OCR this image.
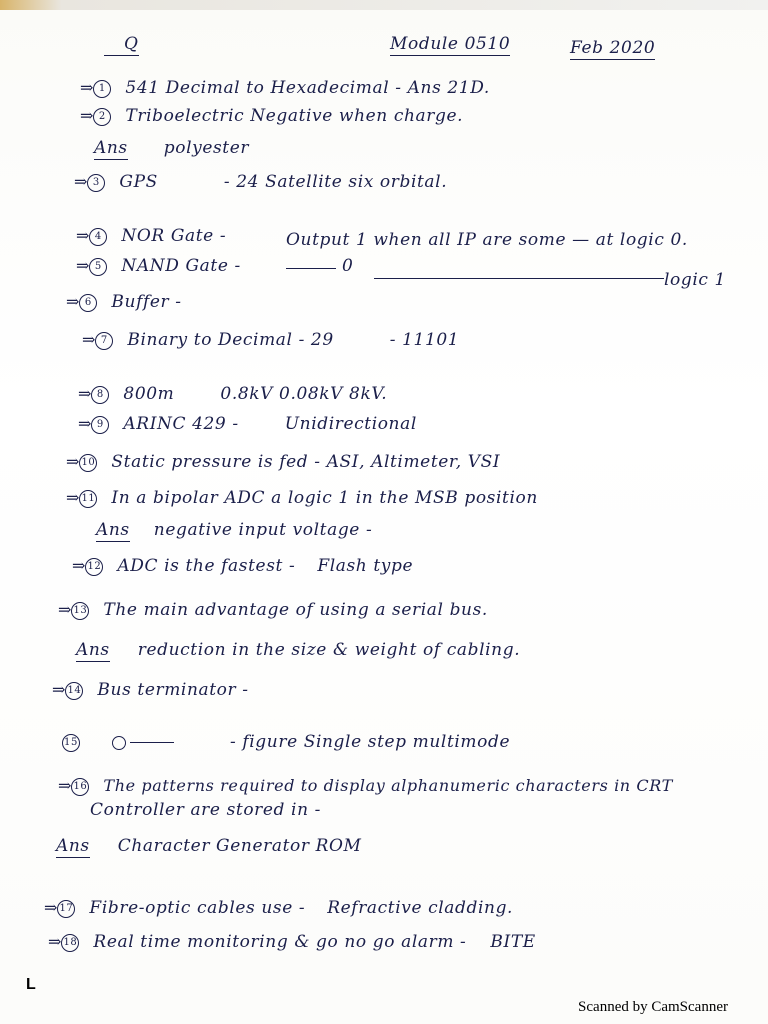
Q	Module 0510	Feb 2020
⇒ 1 541 Decimal to Hexadecimal - Ans 21D.
⇒ 2 Triboelectric Negative when charge.
Ans polyester
⇒ 3 GPS	- 24 Satellite six orbital.
⇒ 4 NOR Gate -	Output 1 when all IP are some — at logic 0.
⇒ 5 NAND Gate -	0
logic 1
⇒ 6 Buffer -
⇒ 7 Binary to Decimal - 29	- 11101
⇒ 8 800m	0.8kV 0.08kV 8kV.
⇒ 9 ARINC 429 -	Unidirectional
⇒ 10 Static pressure is fed - ASI, Altimeter, VSI
⇒ 11 In a bipolar ADC a logic 1 in the MSB position
Ans negative input voltage -
⇒ 12 ADC is the fastest - Flash type
⇒ 13 The main advantage of using a serial bus.
Ans reduction in the size & weight of cabling.
⇒ 14 Bus terminator -
15	- figure Single step multimode
⇒ 16 The patterns required to display alphanumeric characters in CRT
Controller are stored in -
Ans Character Generator ROM
⇒ 17 Fibre-optic cables use - Refractive cladding.
⇒ 18 Real time monitoring & go no go alarm - BITE
L
Scanned by CamScanner
